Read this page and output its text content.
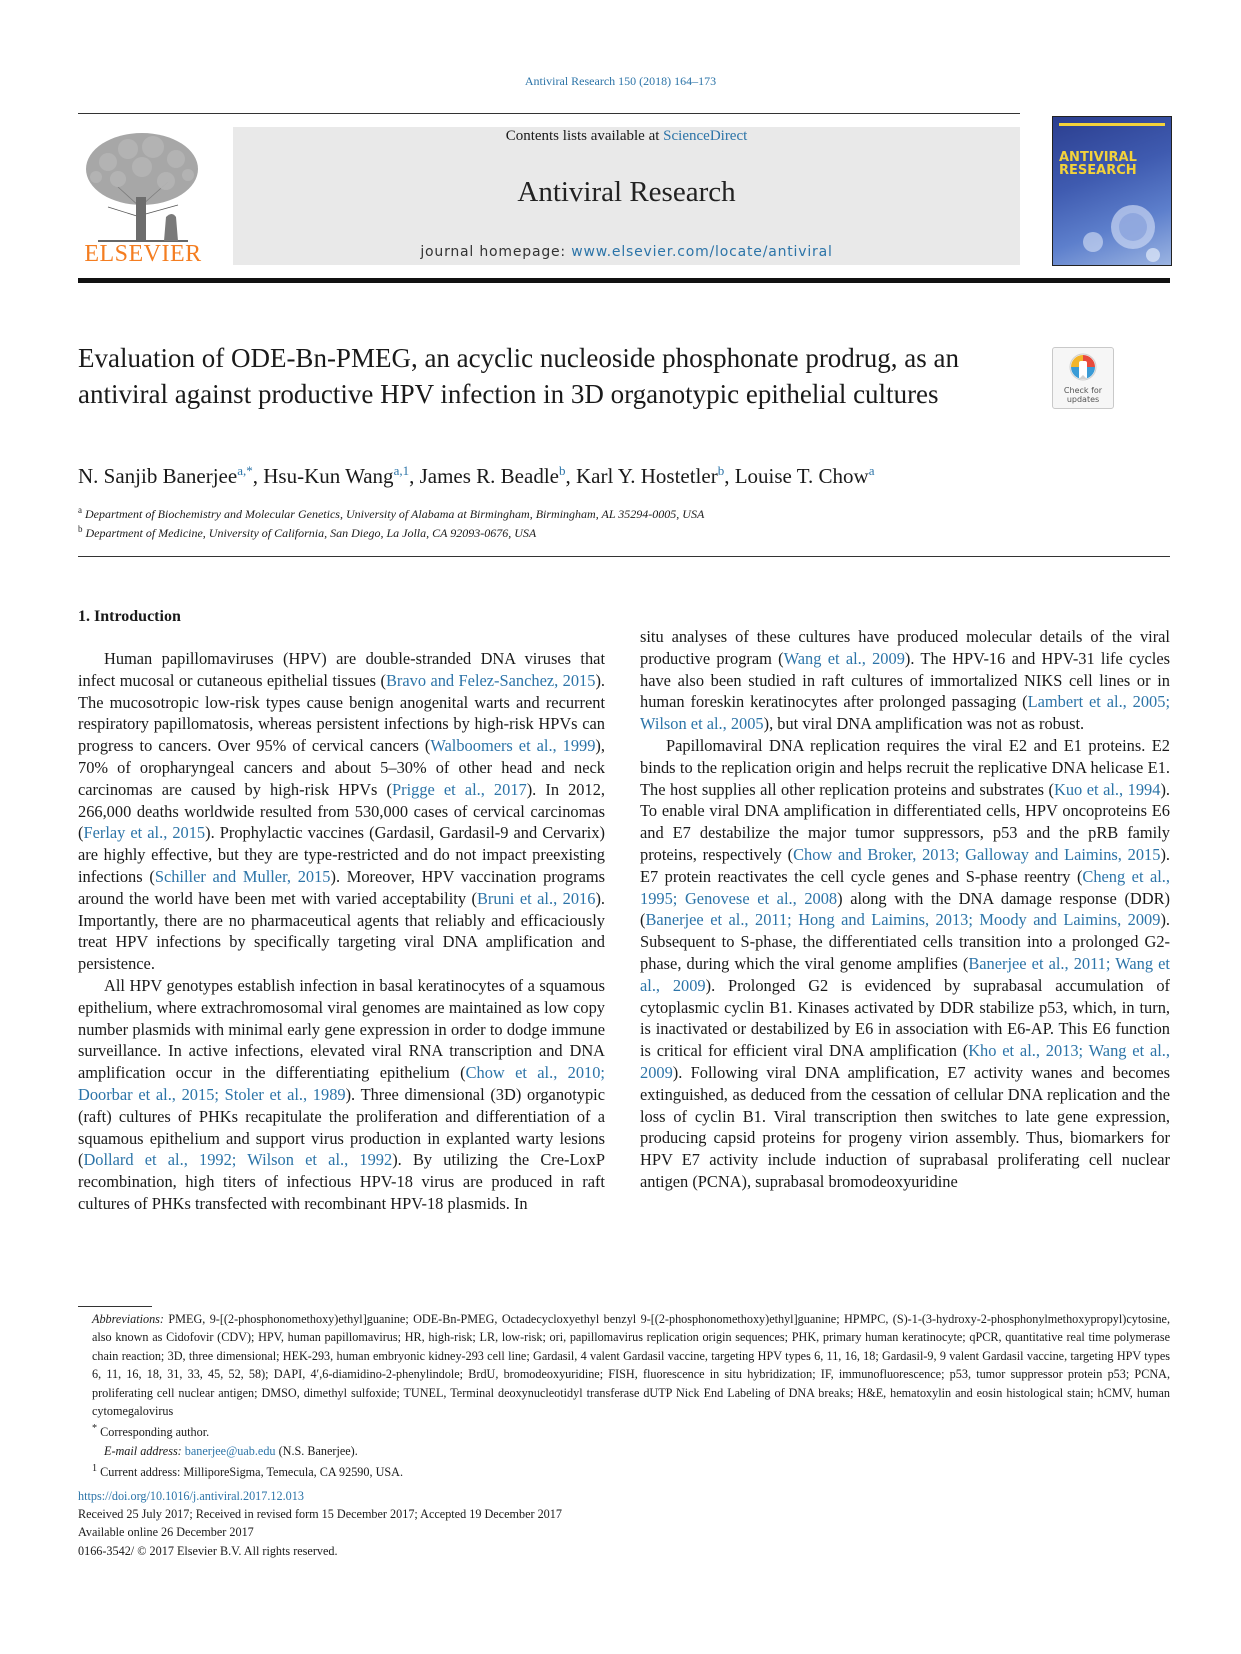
Antiviral Research 150 (2018) 164–173
ELSEVIER
Contents lists available at ScienceDirect
Antiviral Research
journal homepage: www.elsevier.com/locate/antiviral
ANTIVIRAL
RESEARCH
Evaluation of ODE-Bn-PMEG, an acyclic nucleoside phosphonate prodrug, as an antiviral against productive HPV infection in 3D organotypic epithelial cultures	Check for
updates
N. Sanjib Banerjee$^{a,*}$, Hsu-Kun Wang$^{a,1}$, James R. Beadle$^b$, Karl Y. Hostetler$^b$, Louise T. Chow$^a$
$^a$ Department of Biochemistry and Molecular Genetics, University of Alabama at Birmingham, Birmingham, AL 35294-0005, USA
$^b$ Department of Medicine, University of California, San Diego, La Jolla, CA 92093-0676, USA
1. Introduction

Human papillomaviruses (HPV) are double-stranded DNA viruses that infect mucosal or cutaneous epithelial tissues (Bravo and Felez-Sanchez, 2015). The mucosotropic low-risk types cause benign anogenital warts and recurrent respiratory papillomatosis, whereas persistent infections by high-risk HPVs can progress to cancers. Over 95% of cervical cancers (Walboomers et al., 1999), 70% of oropharyngeal cancers and about 5–30% of other head and neck carcinomas are caused by high-risk HPVs (Prigge et al., 2017). In 2012, 266,000 deaths worldwide resulted from 530,000 cases of cervical carcinomas (Ferlay et al., 2015). Prophylactic vaccines (Gardasil, Gardasil-9 and Cervarix) are highly effective, but they are type-restricted and do not impact preexisting infections (Schiller and Muller, 2015). Moreover, HPV vaccination programs around the world have been met with varied acceptability (Bruni et al., 2016). Importantly, there are no pharmaceutical agents that reliably and efficaciously treat HPV infections by specifically targeting viral DNA amplification and persistence.

All HPV genotypes establish infection in basal keratinocytes of a squamous epithelium, where extrachromosomal viral genomes are maintained as low copy number plasmids with minimal early gene expression in order to dodge immune surveillance. In active infections, elevated viral RNA transcription and DNA amplification occur in the differentiating epithelium (Chow et al., 2010; Doorbar et al., 2015; Stoler et al., 1989). Three dimensional (3D) organotypic (raft) cultures of PHKs recapitulate the proliferation and differentiation of a squamous epithelium and support virus production in explanted warty lesions (Dollard et al., 1992; Wilson et al., 1992). By utilizing the Cre-LoxP recombination, high titers of infectious HPV-18 virus are produced in raft cultures of PHKs transfected with recombinant HPV-18 plasmids. In

situ analyses of these cultures have produced molecular details of the viral productive program (Wang et al., 2009). The HPV-16 and HPV-31 life cycles have also been studied in raft cultures of immortalized NIKS cell lines or in human foreskin keratinocytes after prolonged passaging (Lambert et al., 2005; Wilson et al., 2005), but viral DNA amplification was not as robust.

Papillomaviral DNA replication requires the viral E2 and E1 proteins. E2 binds to the replication origin and helps recruit the replicative DNA helicase E1. The host supplies all other replication proteins and substrates (Kuo et al., 1994). To enable viral DNA amplification in differentiated cells, HPV oncoproteins E6 and E7 destabilize the major tumor suppressors, p53 and the pRB family proteins, respectively (Chow and Broker, 2013; Galloway and Laimins, 2015). E7 protein reactivates the cell cycle genes and S-phase reentry (Cheng et al., 1995; Genovese et al., 2008) along with the DNA damage response (DDR) (Banerjee et al., 2011; Hong and Laimins, 2013; Moody and Laimins, 2009). Subsequent to S-phase, the differentiated cells transition into a prolonged G2-phase, during which the viral genome amplifies (Banerjee et al., 2011; Wang et al., 2009). Prolonged G2 is evidenced by suprabasal accumulation of cytoplasmic cyclin B1. Kinases activated by DDR stabilize p53, which, in turn, is inactivated or destabilized by E6 in association with E6-AP. This E6 function is critical for efficient viral DNA amplification (Kho et al., 2013; Wang et al., 2009). Following viral DNA amplification, E7 activity wanes and becomes extinguished, as deduced from the cessation of cellular DNA replication and the loss of cyclin B1. Viral transcription then switches to late gene expression, producing capsid proteins for progeny virion assembly. Thus, biomarkers for HPV E7 activity include induction of suprabasal proliferating cell nuclear antigen (PCNA), suprabasal bromodeoxyuridine

Abbreviations: PMEG, 9-[(2-phosphonomethoxy)ethyl]guanine; ODE-Bn-PMEG, Octadecycloxyethyl benzyl 9-[(2-phosphonomethoxy)ethyl]guanine; HPMPC, (S)-1-(3-hydroxy-2-phosphonylmethoxypropyl)cytosine, also known as Cidofovir (CDV); HPV, human papillomavirus; HR, high-risk; LR, low-risk; ori, papillomavirus replication origin sequences; PHK, primary human keratinocyte; qPCR, quantitative real time polymerase chain reaction; 3D, three dimensional; HEK-293, human embryonic kidney-293 cell line; Gardasil, 4 valent Gardasil vaccine, targeting HPV types 6, 11, 16, 18; Gardasil-9, 9 valent Gardasil vaccine, targeting HPV types 6, 11, 16, 18, 31, 33, 45, 52, 58); DAPI, 4′,6-diamidino-2-phenylindole; BrdU, bromodeoxyuridine; FISH, fluorescence in situ hybridization; IF, immunofluorescence; p53, tumor suppressor protein p53; PCNA, proliferating cell nuclear antigen; DMSO, dimethyl sulfoxide; TUNEL, Terminal deoxynucleotidyl transferase dUTP Nick End Labeling of DNA breaks; H&E, hematoxylin and eosin histological stain; hCMV, human cytomegalovirus

* Corresponding author.

E-mail address: banerjee@uab.edu (N.S. Banerjee).

$^1$ Current address: MilliporeSigma, Temecula, CA 92590, USA.

https://doi.org/10.1016/j.antiviral.2017.12.013
Received 25 July 2017; Received in revised form 15 December 2017; Accepted 19 December 2017
Available online 26 December 2017
0166-3542/ © 2017 Elsevier B.V. All rights reserved.
